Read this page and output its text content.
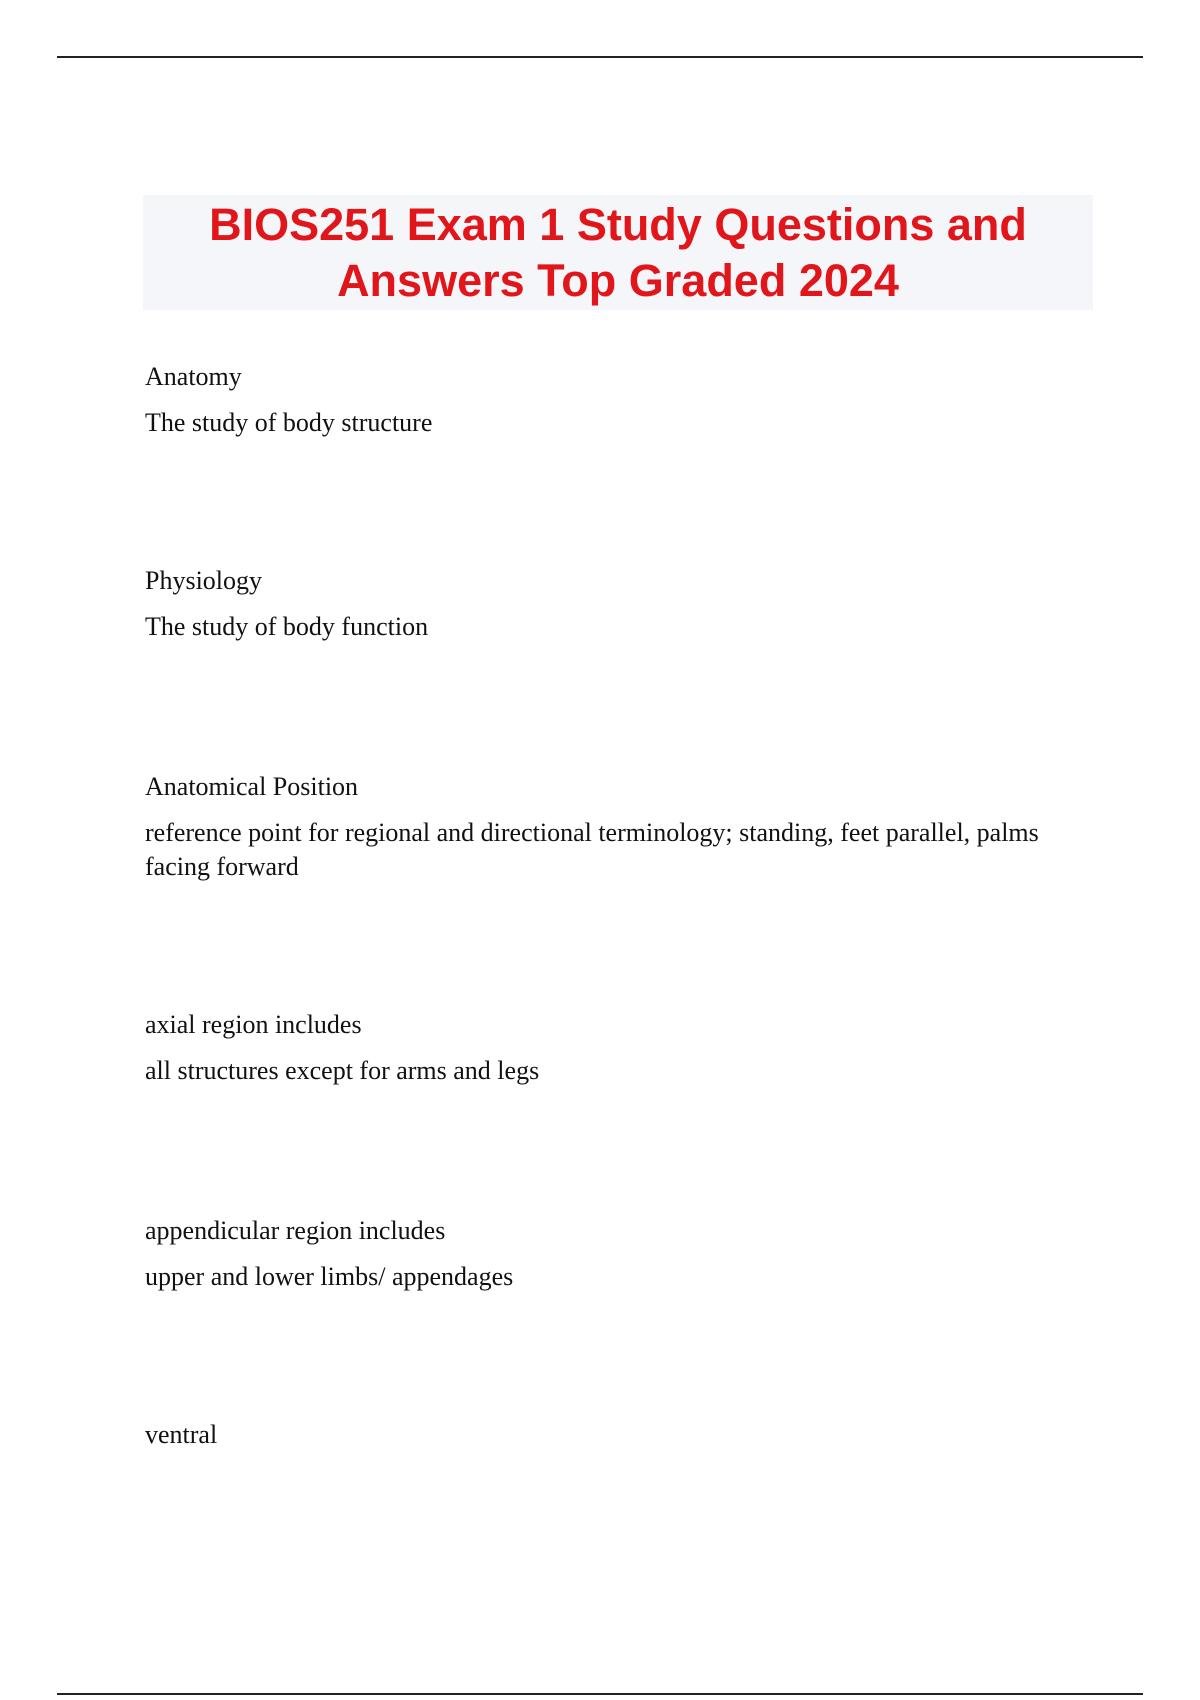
BIOS251 Exam 1 Study Questions and Answers Top Graded 2024

Anatomy

The study of body structure

Physiology

The study of body function

Anatomical Position

reference point for regional and directional terminology; standing, feet parallel, palms facing forward

axial region includes

all structures except for arms and legs

appendicular region includes

upper and lower limbs/ appendages

ventral
